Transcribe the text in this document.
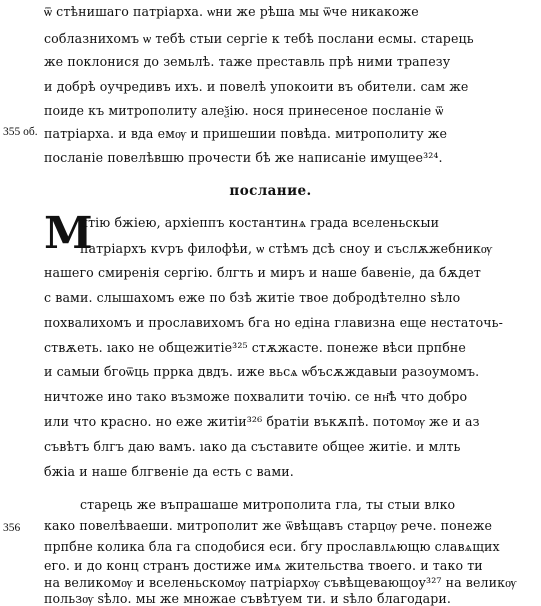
ѿ стѣнишаго патріарха. ѡни же рѣша мы ѿче никакоже
соблазнихомъ ѡ тебѣ стыи сергіе к тебѣ послани есмы. старець
же поклонися до земьлѣ. таже преставль прѣ ними трапезу
и добрѣ оучредивъ ихъ. и повелѣ упокоити въ обители. сам же
поиде къ митрополиту алеѯію. нося принесеное посланіе ѿ
355 об. патріарха. и вда емѹ и пришешии повѣда. митрополиту же
посланіе повелѣвшю прочести бѣ же написаніе имущее³²⁴.
послание.
М
лтію бжіею, архіеппъ костантинѧ града вселеньскыи
патріархъ кѵръ филофѣи, ѡ стѣмъ дсѣ сноу и съслѫжебникѹ
нашего смиренія сергію. блгть и миръ и наше бавеніе, да бѫдет
с вами. слышахомъ еже по бзѣ житіе твое добродѣтелно ѕѣло
похвалихомъ и прославихомъ бга но едіна главизна еще нестаточь-
ствѫеть. ıако не общежитіе³²⁵ стѫжасте. понеже вѣси прпбне
и самыи бгоѿць пррка двдъ. иже вьсѧ ѡбъсѫждавыи разоумомъ.
ничтоже ино тако възможе похвалити точію. се нн҃ѣ что добро
или что красно. но еже житіи³²⁶ братіи въкѫпѣ. потомѹ же и аз
съвѣтъ блгъ даю вамъ. ıако да съставите общее житіе. и млть
бжіа и наше блгвеніе да есть с вами.
старець же въпрашаше митрополита гла, ты стыи влко
како повелѣваеши. митрополит же ѿвѣщавъ старцѹ рече. понеже
356
прпбне колика бла га сподобися еси. бгу прославлѧющю славѧщих
его. и до конц странъ достиже имѧ жительства твоего. и тако ти
на великомѹ и вселеньскомѹ патріархѹ съвѣщевающоу³²⁷ на великѹ
пользѹ ѕѣло. мы же множае съвѣтуем ти. и ѕѣло благодари.
